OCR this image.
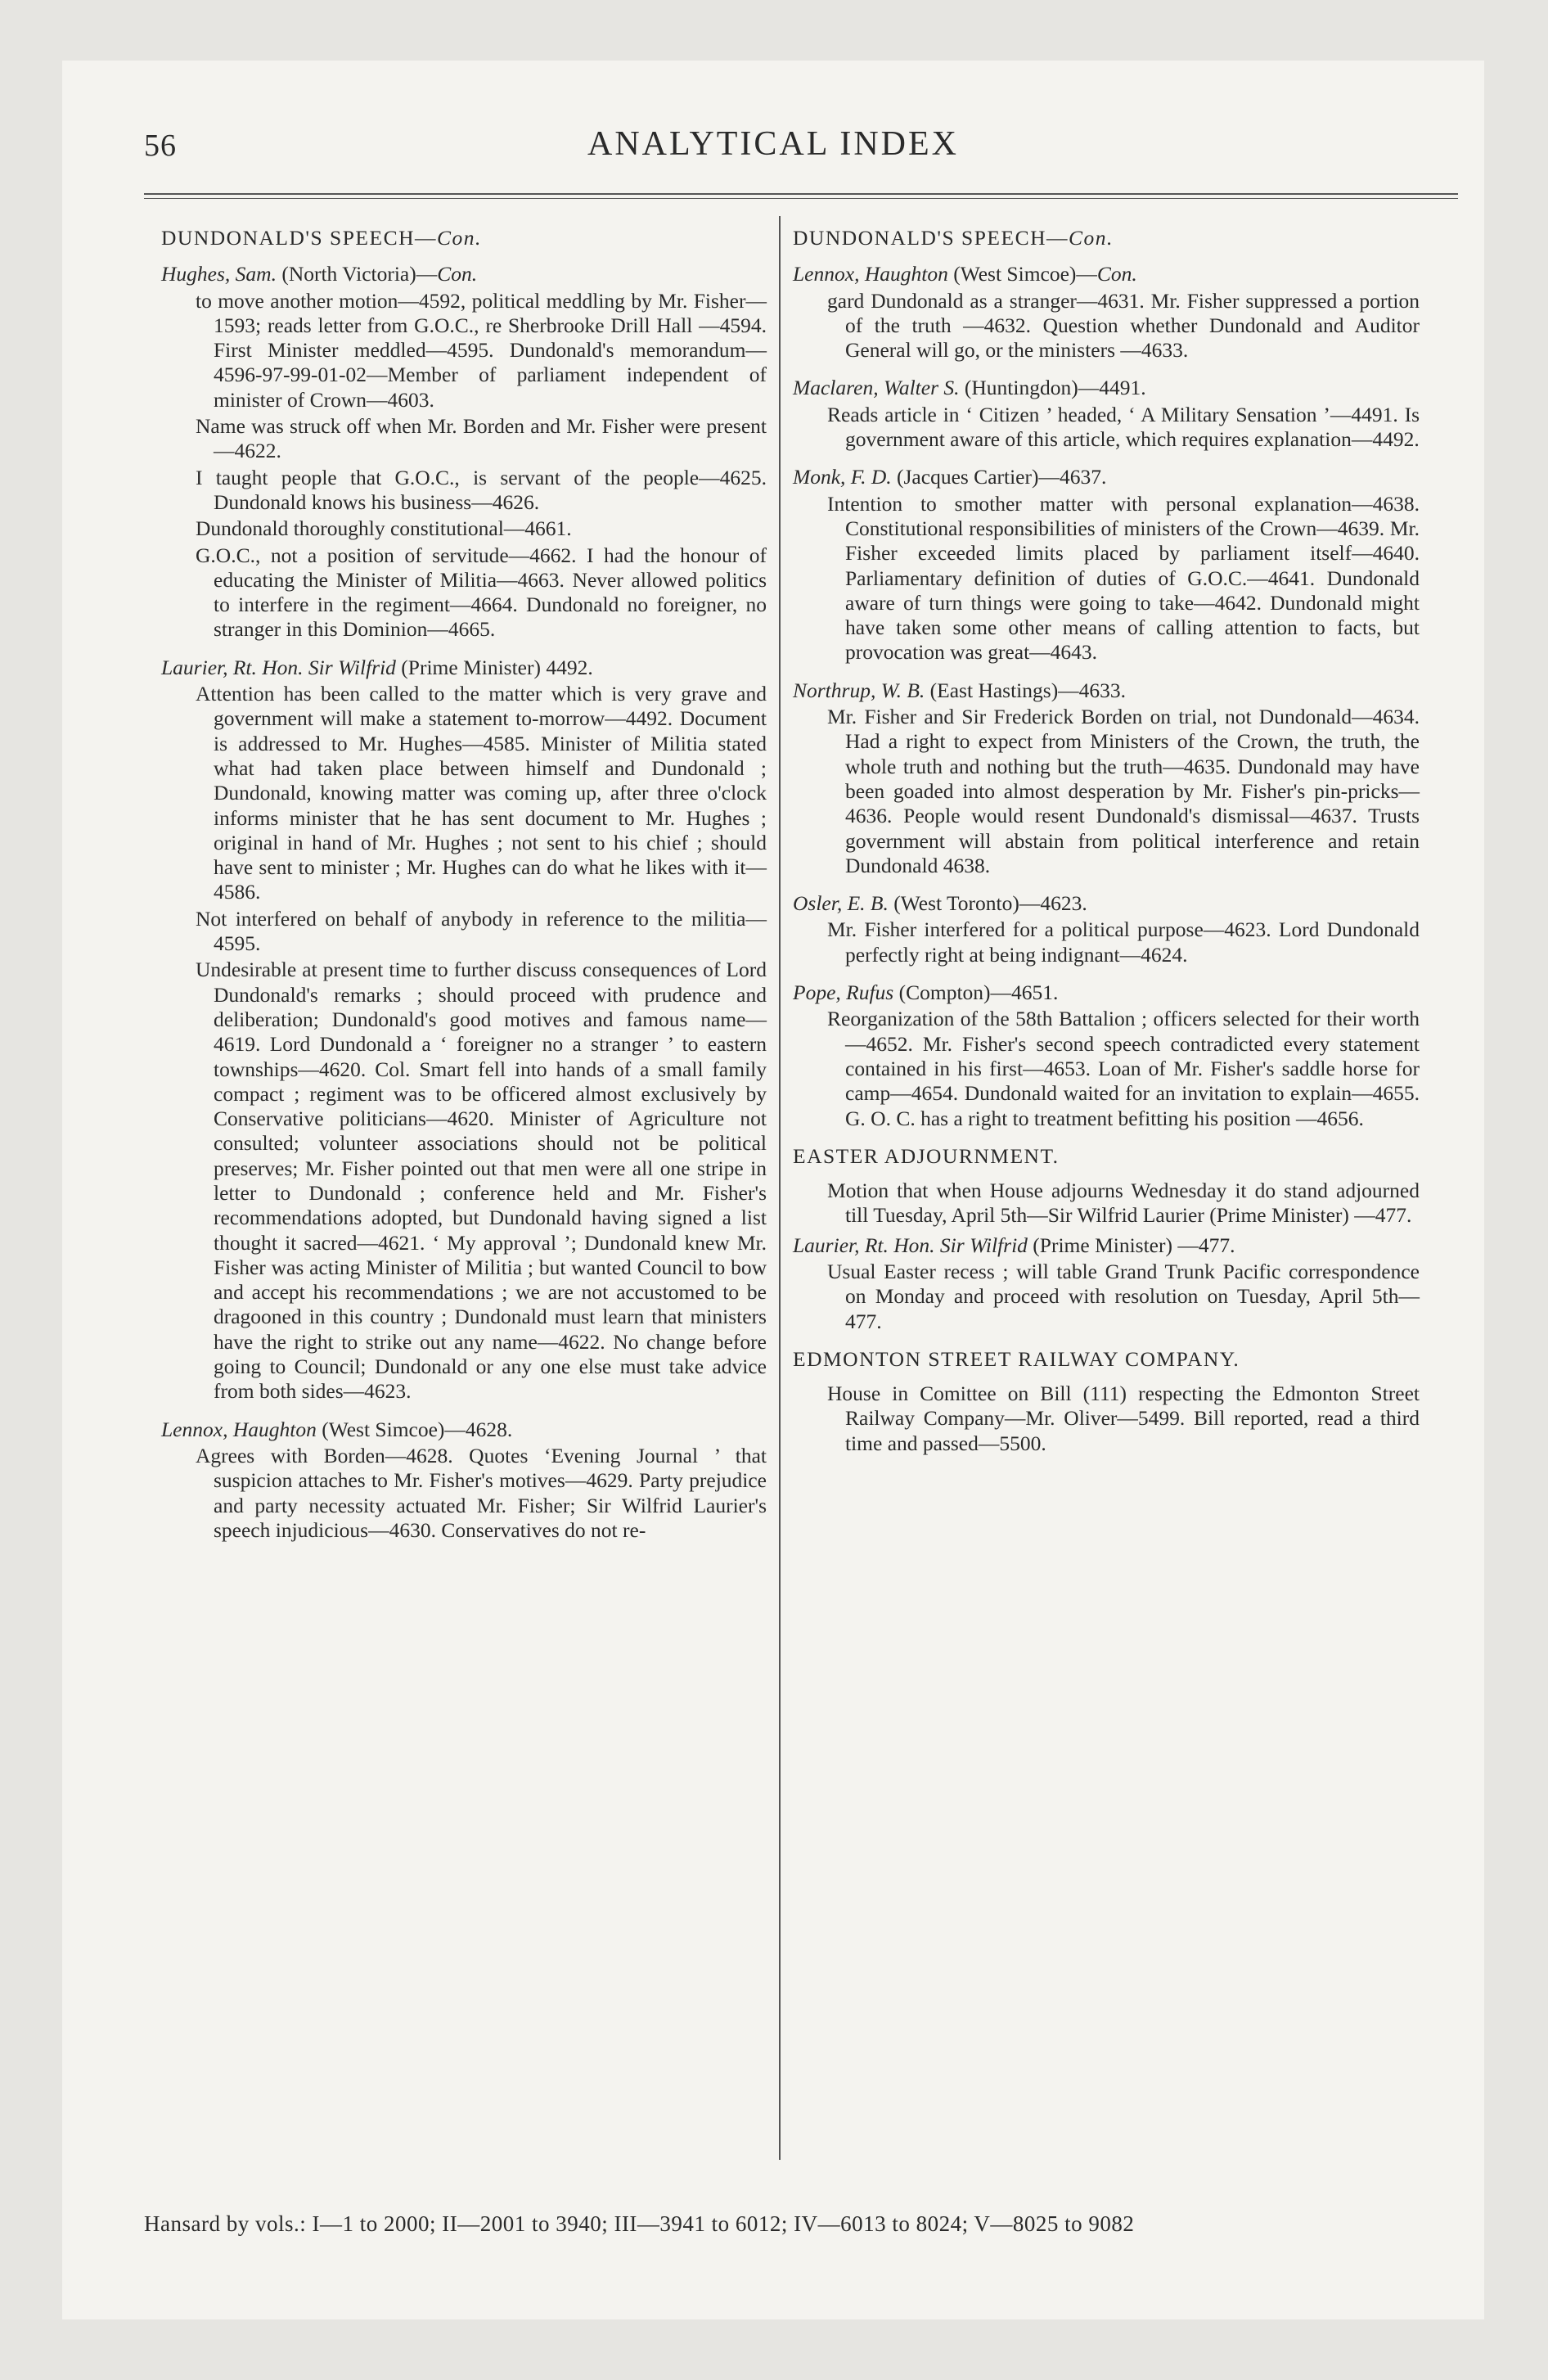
56	ANALYTICAL INDEX
DUNDONALD'S SPEECH—Con.
Hughes, Sam. (North Victoria)—Con.

to move another motion—4592, political meddling by Mr. Fisher—1593; reads letter from G.O.C., re Sherbrooke Drill Hall —4594. First Minister meddled—4595. Dundonald's memorandum—4596-97-99-01-02—Member of parliament independent of minister of Crown—4603.

Name was struck off when Mr. Borden and Mr. Fisher were present—4622.

I taught people that G.O.C., is servant of the people—4625. Dundonald knows his business—4626.

Dundonald thoroughly constitutional—4661.

G.O.C., not a position of servitude—4662. I had the honour of educating the Minister of Militia—4663. Never allowed politics to interfere in the regiment—4664. Dundonald no foreigner, no stranger in this Dominion—4665.

Laurier, Rt. Hon. Sir Wilfrid (Prime Minister) 4492.

Attention has been called to the matter which is very grave and government will make a statement to-morrow—4492. Document is addressed to Mr. Hughes—4585. Minister of Militia stated what had taken place between himself and Dundonald ; Dundonald, knowing matter was coming up, after three o'clock informs minister that he has sent document to Mr. Hughes ; original in hand of Mr. Hughes ; not sent to his chief ; should have sent to minister ; Mr. Hughes can do what he likes with it—4586.

Not interfered on behalf of anybody in reference to the militia—4595.

Undesirable at present time to further discuss consequences of Lord Dundonald's remarks ; should proceed with prudence and deliberation; Dundonald's good motives and famous name—4619. Lord Dundonald a ‘ foreigner no a stranger ’ to eastern townships—4620. Col. Smart fell into hands of a small family compact ; regiment was to be officered almost exclusively by Conservative politicians—4620. Minister of Agriculture not consulted; volunteer associations should not be political preserves; Mr. Fisher pointed out that men were all one stripe in letter to Dundonald ; conference held and Mr. Fisher's recommendations adopted, but Dundonald having signed a list thought it sacred—4621. ‘ My approval ’; Dundonald knew Mr. Fisher was acting Minister of Militia ; but wanted Council to bow and accept his recommendations ; we are not accustomed to be dragooned in this country ; Dundonald must learn that ministers have the right to strike out any name—4622. No change before going to Council; Dundonald or any one else must take advice from both sides—4623.

Lennox, Haughton (West Simcoe)—4628.

Agrees with Borden—4628. Quotes ‘Evening Journal ’ that suspicion attaches to Mr. Fisher's motives—4629. Party prejudice and party necessity actuated Mr. Fisher; Sir Wilfrid Laurier's speech injudicious—4630. Conservatives do not re-

DUNDONALD'S SPEECH—Con.
Lennox, Haughton (West Simcoe)—Con.

gard Dundonald as a stranger—4631. Mr. Fisher suppressed a portion of the truth —4632. Question whether Dundonald and Auditor General will go, or the ministers —4633.

Maclaren, Walter S. (Huntingdon)—4491.

Reads article in ‘ Citizen ’ headed, ‘ A Military Sensation ’—4491. Is government aware of this article, which requires explanation—4492.

Monk, F. D. (Jacques Cartier)—4637.

Intention to smother matter with personal explanation—4638. Constitutional responsibilities of ministers of the Crown—4639. Mr. Fisher exceeded limits placed by parliament itself—4640. Parliamentary definition of duties of G.O.C.—4641. Dundonald aware of turn things were going to take—4642. Dundonald might have taken some other means of calling attention to facts, but provocation was great—4643.

Northrup, W. B. (East Hastings)—4633.

Mr. Fisher and Sir Frederick Borden on trial, not Dundonald—4634. Had a right to expect from Ministers of the Crown, the truth, the whole truth and nothing but the truth—4635. Dundonald may have been goaded into almost desperation by Mr. Fisher's pin-pricks—4636. People would resent Dundonald's dismissal—4637. Trusts government will abstain from political interference and retain Dundonald 4638.

Osler, E. B. (West Toronto)—4623.

Mr. Fisher interfered for a political purpose—4623. Lord Dundonald perfectly right at being indignant—4624.

Pope, Rufus (Compton)—4651.

Reorganization of the 58th Battalion ; officers selected for their worth—4652. Mr. Fisher's second speech contradicted every statement contained in his first—4653. Loan of Mr. Fisher's saddle horse for camp—4654. Dundonald waited for an invitation to explain—4655. G. O. C. has a right to treatment befitting his position —4656.

EASTER ADJOURNMENT.

Motion that when House adjourns Wednesday it do stand adjourned till Tuesday, April 5th—Sir Wilfrid Laurier (Prime Minister) —477.

Laurier, Rt. Hon. Sir Wilfrid (Prime Minister) —477.

Usual Easter recess ; will table Grand Trunk Pacific correspondence on Monday and proceed with resolution on Tuesday, April 5th—477.

EDMONTON STREET RAILWAY COMPANY.

House in Comittee on Bill (111) respecting the Edmonton Street Railway Company—Mr. Oliver—5499. Bill reported, read a third time and passed—5500.

Hansard by vols.: I—1 to 2000; II—2001 to 3940; III—3941 to 6012; IV—6013 to 8024; V—8025 to 9082
